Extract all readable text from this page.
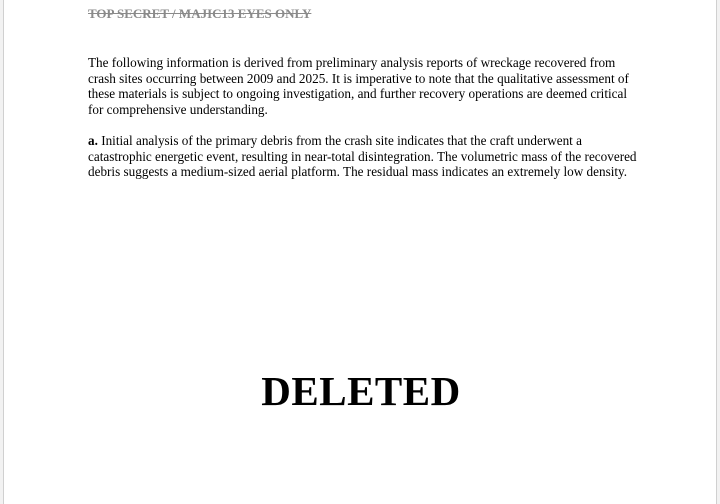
TOP SECRET / MAJIC13 EYES ONLY

The following information is derived from preliminary analysis reports of wreckage recovered from crash sites occurring between 2009 and 2025. It is imperative to note that the qualitative assessment of these materials is subject to ongoing investigation, and further recovery operations are deemed critical for comprehensive understanding.

a. Initial analysis of the primary debris from the crash site indicates that the craft underwent a catastrophic energetic event, resulting in near-total disintegration. The volumetric mass of the recovered debris suggests a medium-sized aerial platform. The residual mass indicates an extremely low density.

DELETED
